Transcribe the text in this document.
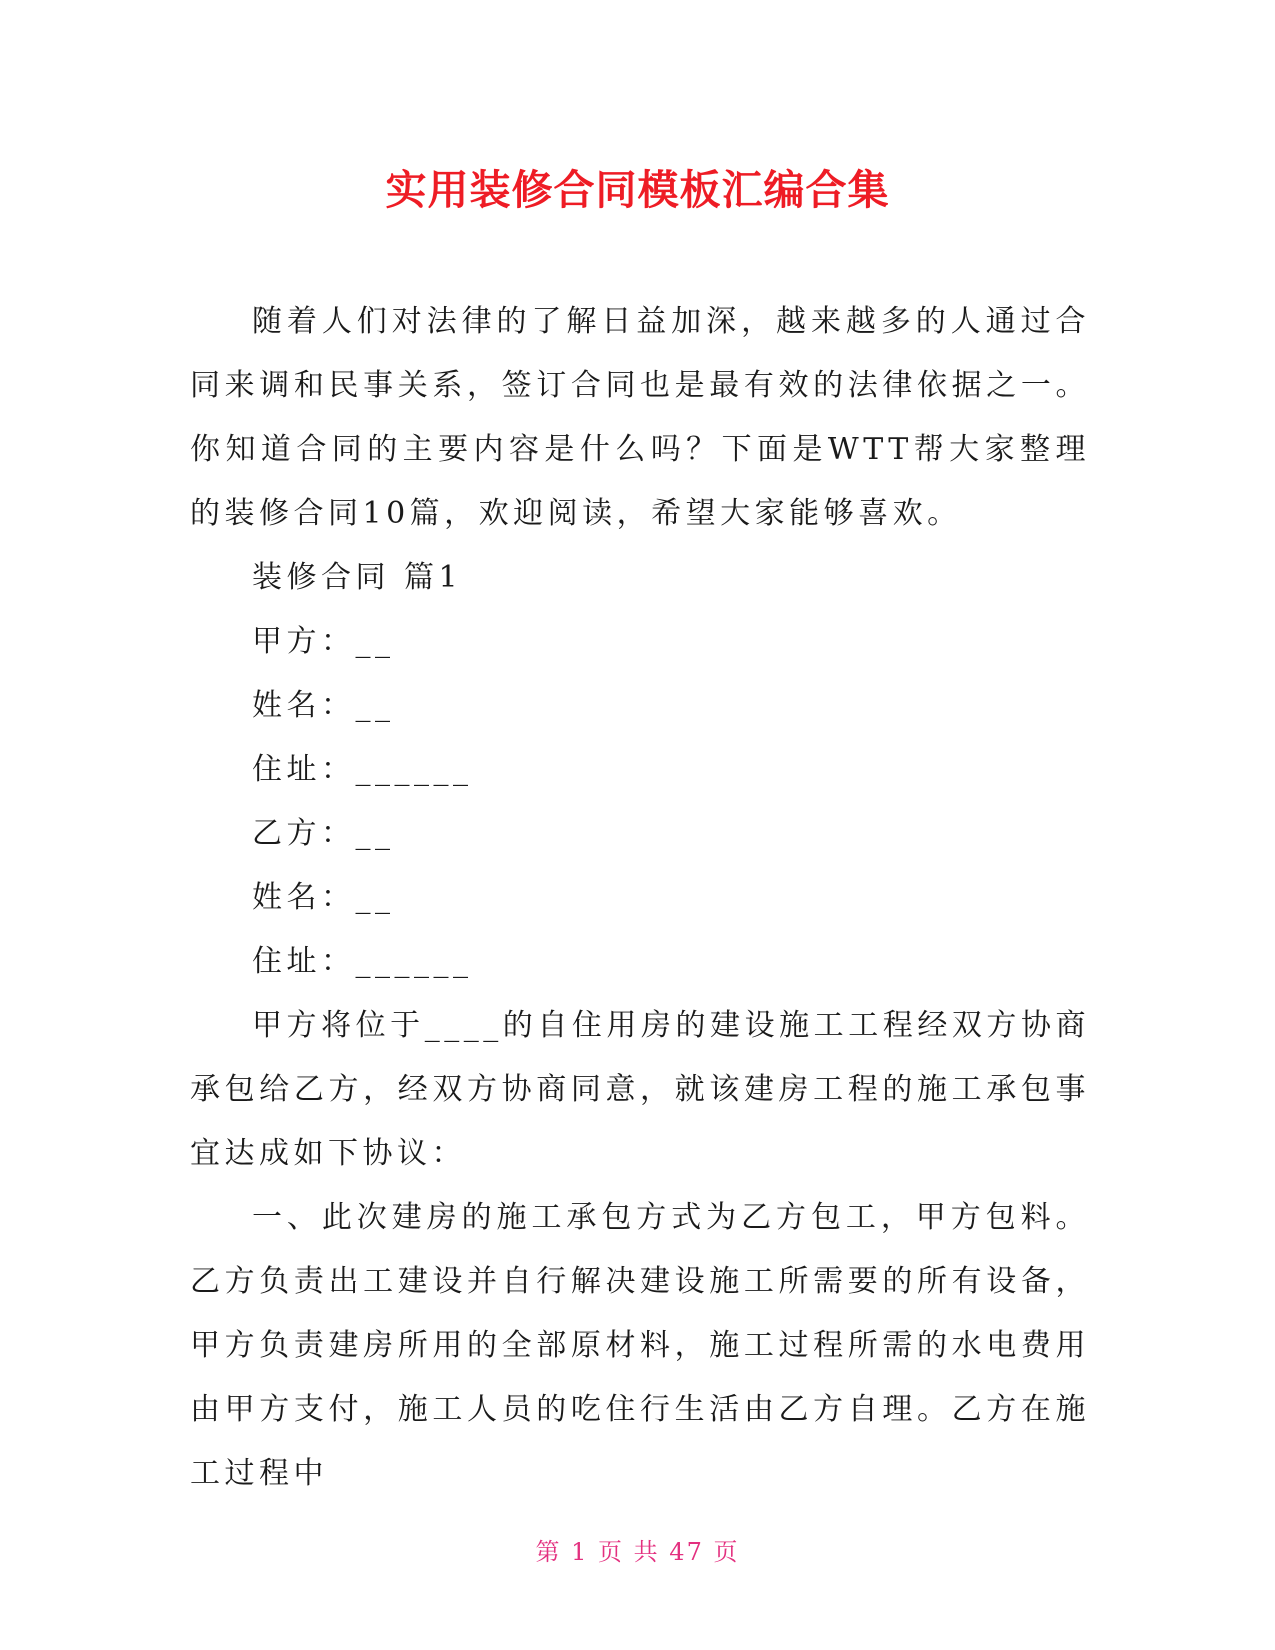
实用装修合同模板汇编合集

随着人们对法律的了解日益加深，越来越多的人通过合同来调和民事关系，签订合同也是最有效的法律依据之一。你知道合同的主要内容是什么吗？下面是WTT帮大家整理的装修合同10篇，欢迎阅读，希望大家能够喜欢。

装修合同 篇1

甲方：__

姓名：__

住址：______

乙方：__

姓名：__

住址：______

甲方将位于____的自住用房的建设施工工程经双方协商承包给乙方，经双方协商同意，就该建房工程的施工承包事宜达成如下协议：

一、此次建房的施工承包方式为乙方包工，甲方包料。乙方负责出工建设并自行解决建设施工所需要的所有设备，甲方负责建房所用的全部原材料，施工过程所需的水电费用由甲方支付，施工人员的吃住行生活由乙方自理。乙方在施工过程中

第 1 页 共 47 页
